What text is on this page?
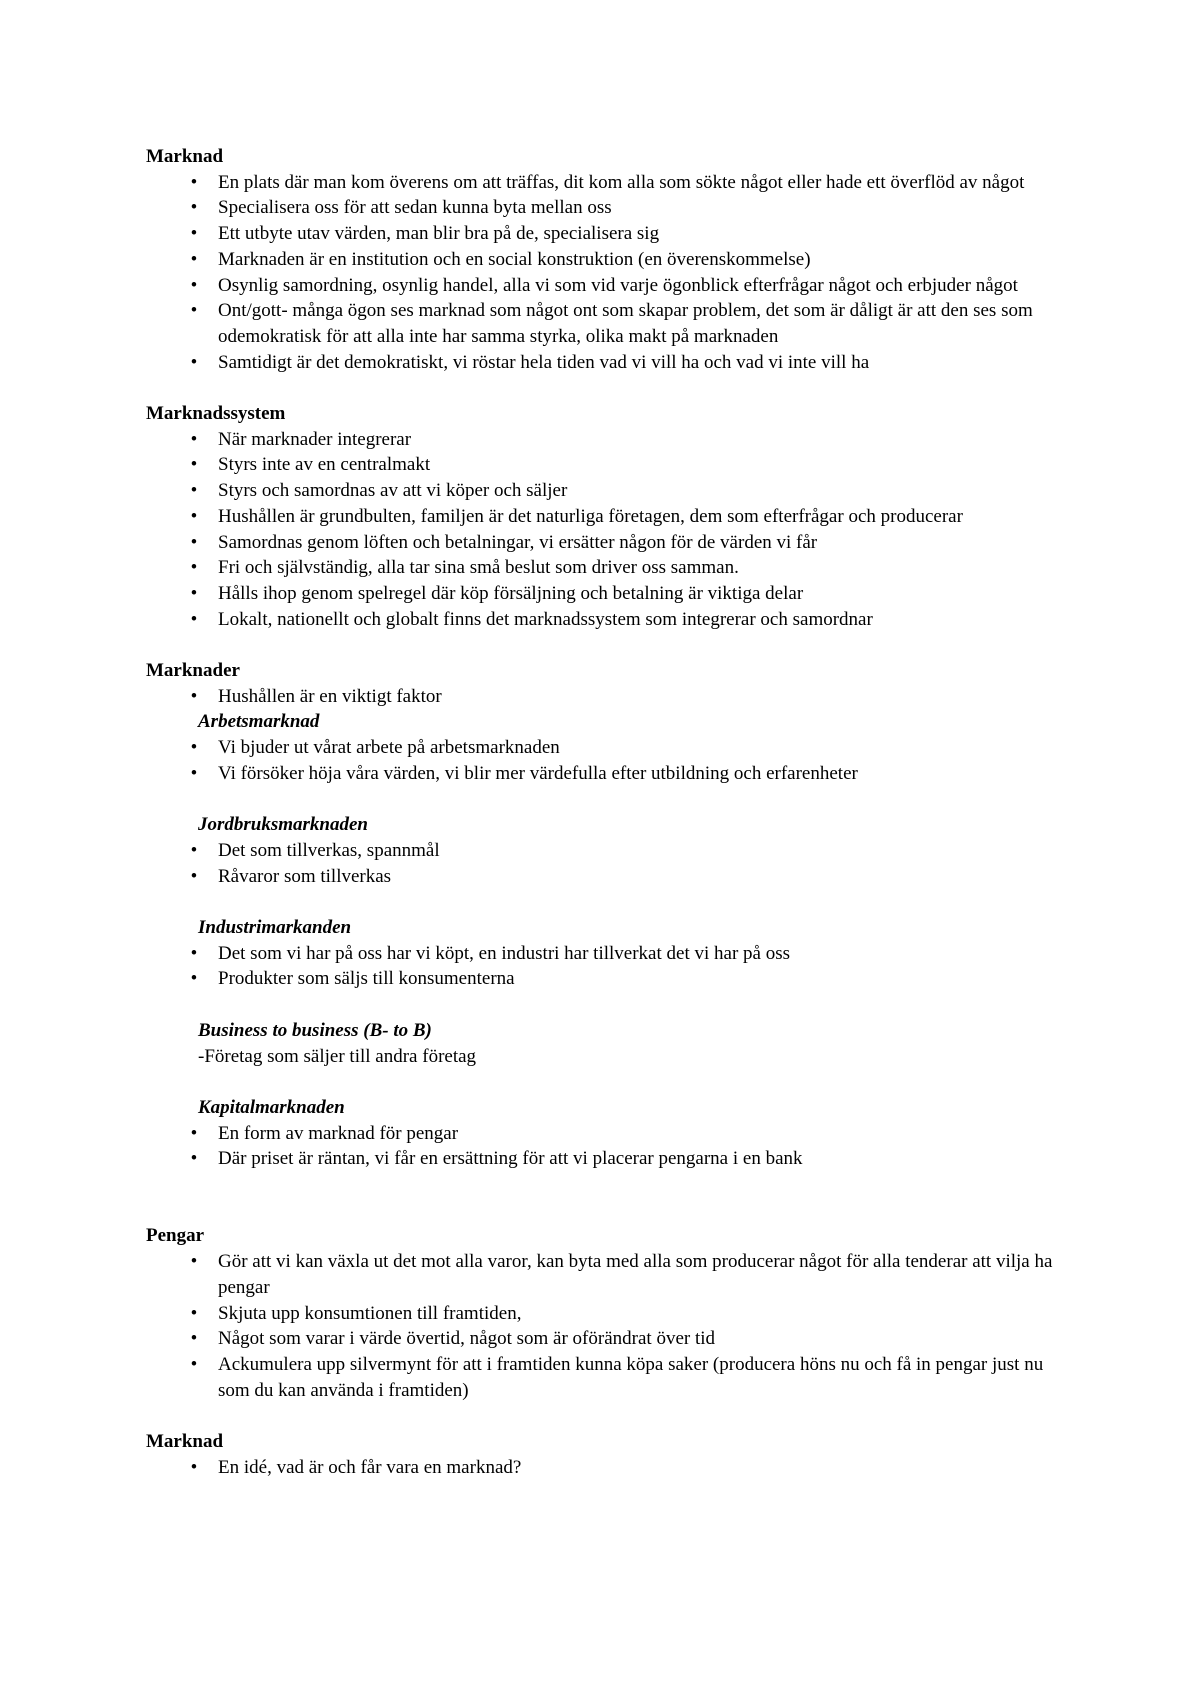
Marknad
•	En plats där man kom överens om att träffas, dit kom alla som sökte något eller hade ett överflöd av något
•	Specialisera oss för att sedan kunna byta mellan oss
•	Ett utbyte utav värden, man blir bra på de, specialisera sig
•	Marknaden är en institution och en social konstruktion (en överenskommelse)
•	Osynlig samordning, osynlig handel, alla vi som vid varje ögonblick efterfrågar något och erbjuder något
•	Ont/gott- många ögon ses marknad som något ont som skapar problem, det som är dåligt är att den ses som odemokratisk för att alla inte har samma styrka, olika makt på marknaden
•	Samtidigt är det demokratiskt, vi röstar hela tiden vad vi vill ha och vad vi inte vill ha
Marknadssystem
•	När marknader integrerar
•	Styrs inte av en centralmakt
•	Styrs och samordnas av att vi köper och säljer
•	Hushållen är grundbulten, familjen är det naturliga företagen, dem som efterfrågar och producerar
•	Samordnas genom löften och betalningar, vi ersätter någon för de värden vi får
•	Fri och självständig, alla tar sina små beslut som driver oss samman.
•	Hålls ihop genom spelregel där köp försäljning och betalning är viktiga delar
•	Lokalt, nationellt och globalt finns det marknadssystem som integrerar och samordnar
Marknader
•	Hushållen är en viktigt faktor
Arbetsmarknad
•	Vi bjuder ut vårat arbete på arbetsmarknaden
•	Vi försöker höja våra värden, vi blir mer värdefulla efter utbildning och erfarenheter
Jordbruksmarknaden
•	Det som tillverkas, spannmål
•	Råvaror som tillverkas
Industrimarkanden
•	Det som vi har på oss har vi köpt, en industri har tillverkat det vi har på oss
•	Produkter som säljs till konsumenterna
Business to business (B- to B)
-Företag som säljer till andra företag
Kapitalmarknaden
•	En form av marknad för pengar
•	Där priset är räntan, vi får en ersättning för att vi placerar pengarna i en bank
Pengar
•	Gör att vi kan växla ut det mot alla varor, kan byta med alla som producerar något för alla tenderar att vilja ha pengar
•	Skjuta upp konsumtionen till framtiden,
•	Något som varar i värde övertid, något som är oförändrat över tid
•	Ackumulera upp silvermynt för att i framtiden kunna köpa saker (producera höns nu och få in pengar just nu som du kan använda i framtiden)
Marknad
•	En idé, vad är och får vara en marknad?
